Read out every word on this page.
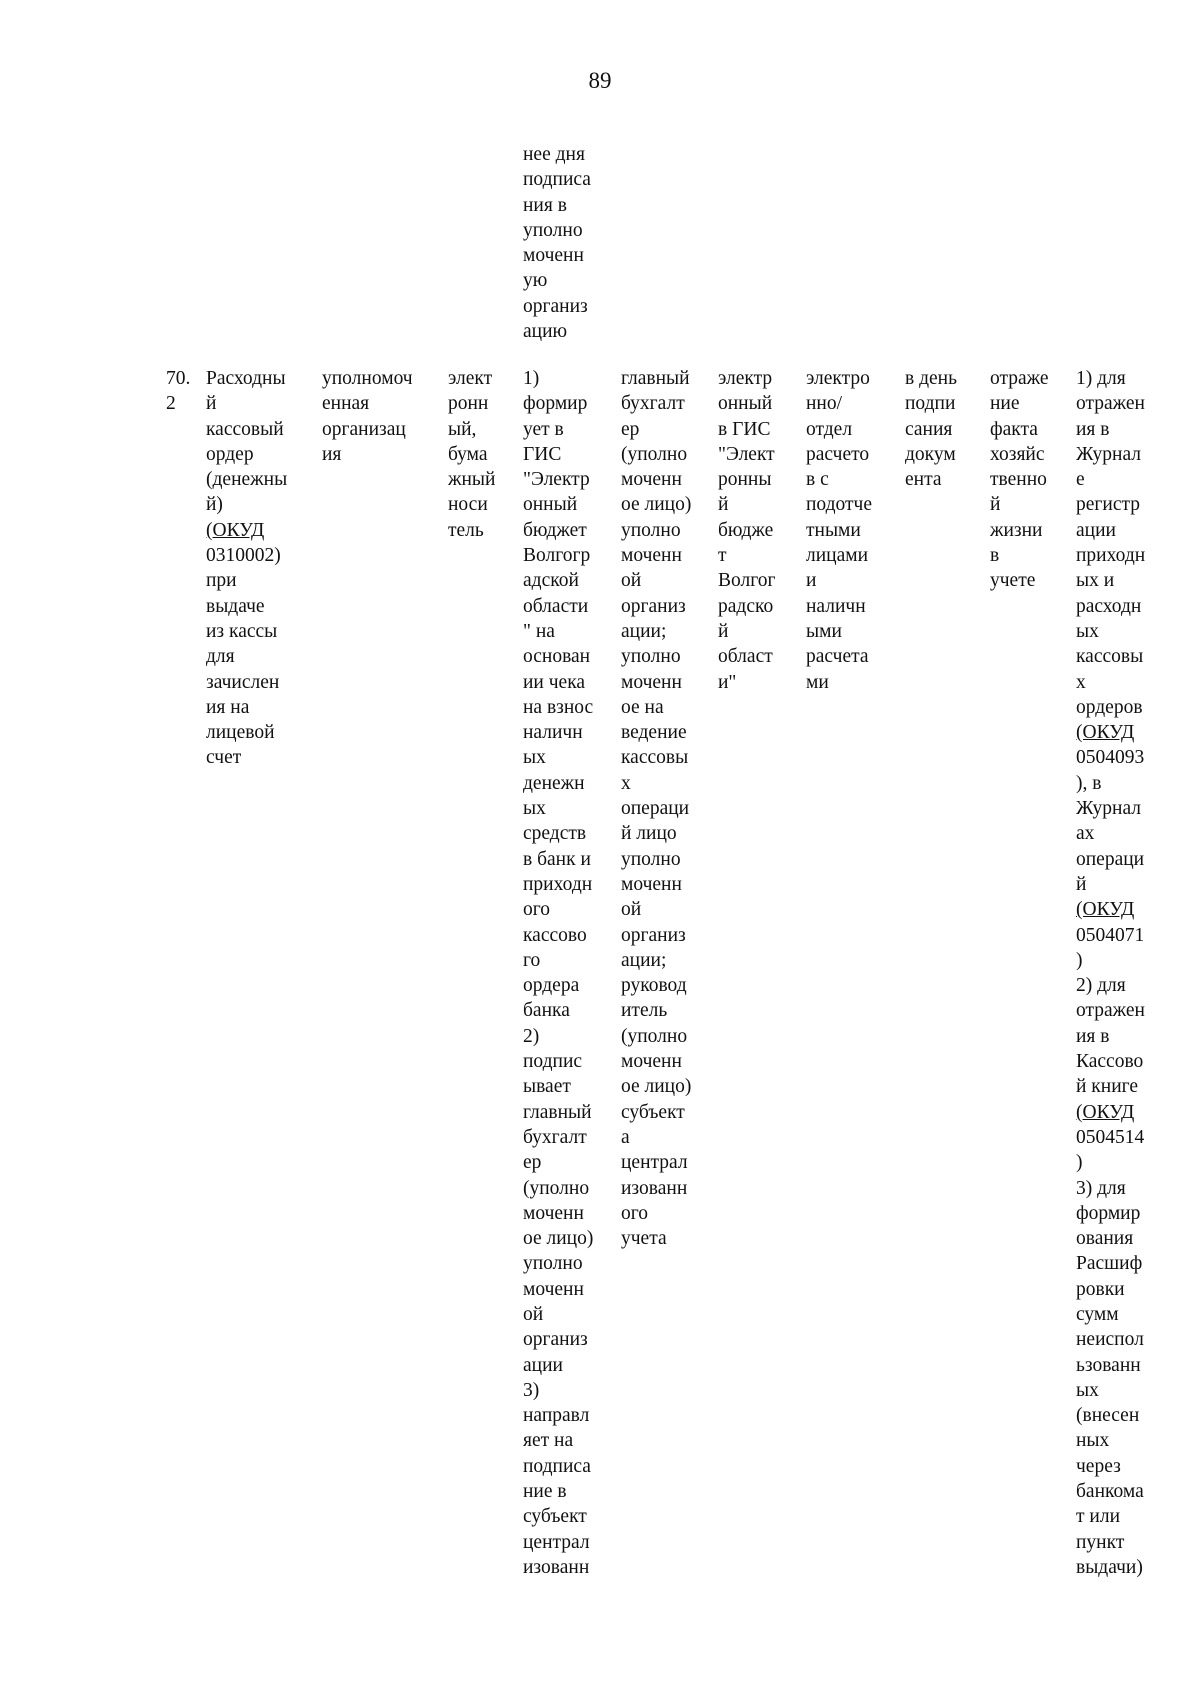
89
нее дня
подписа
ния в
уполно
моченн
ую
организ
ацию
70.
2
Расходны
й
кассовый
ордер
(денежны
й)
(ОКУД
0310002)
при
выдаче
из кассы
для
зачислен
ия на
лицевой
счет
уполномоч
енная
организац
ия
элект
ронн
ый,
бума
жный
носи
тель
1)
формир
ует в
ГИС
"Электр
онный
бюджет
Волгогр
адской
области
" на
основан
ии чека
на взнос
наличн
ых
денежн
ых
средств
в банк и
приходн
ого
кассово
го
ордера
банка
2)
подпис
ывает
главный
бухгалт
ер
(уполно
моченн
ое лицо)
уполно
моченн
ой
организ
ации
3)
направл
яет на
подписа
ние в
субъект
централ
изованн
главный
бухгалт
ер
(уполно
моченн
ое лицо)
уполно
моченн
ой
организ
ации;
уполно
моченн
ое на
ведение
кассовы
х
операци
й лицо
уполно
моченн
ой
организ
ации;
руковод
итель
(уполно
моченн
ое лицо)
субъект
а
централ
изованн
ого
учета
электр
онный
в ГИС
"Элект
ронны
й
бюдже
т
Волгог
радско
й
област
и"
электро
нно/
отдел
расчето
в с
подотче
тными
лицами
и
наличн
ыми
расчета
ми
в день
подпи
сания
докум
ента
отраже
ние
факта
хозяйс
твенно
й
жизни
в
учете
1) для
отражен
ия в
Журнал
е
регистр
ации
приходн
ых и
расходн
ых
кассовы
х
ордеров
(ОКУД
0504093
), в
Журнал
ах
операци
й
(ОКУД
0504071
)
2) для
отражен
ия в
Кассово
й книге
(ОКУД
0504514
)
3) для
формир
ования
Расшиф
ровки
сумм
неиспол
ьзованн
ых
(внесен
ных
через
банкома
т или
пункт
выдачи)
